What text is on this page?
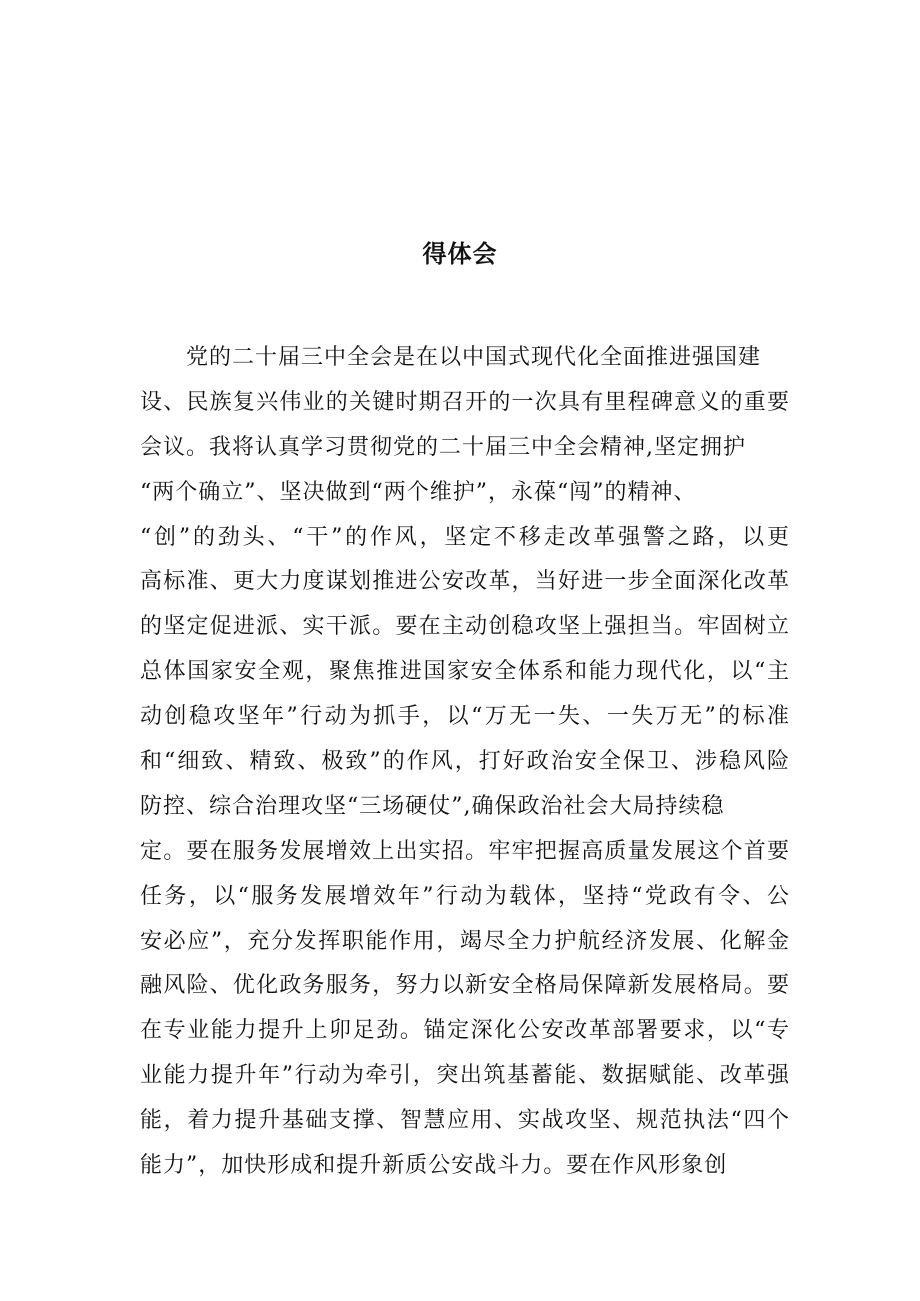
得体会
党的二十届三中全会是在以中国式现代化全面推进强国建
设、民族复兴伟业的关键时期召开的一次具有里程碑意义的重要
会议。我将认真学习贯彻党的二十届三中全会精神,坚定拥护
“两个确立”、坚决做到“两个维护”，永葆“闯”的精神、
“创”的劲头、“干”的作风，坚定不移走改革强警之路，以更
高标准、更大力度谋划推进公安改革，当好进一步全面深化改革
的坚定促进派、实干派。要在主动创稳攻坚上强担当。牢固树立
总体国家安全观，聚焦推进国家安全体系和能力现代化，以“主
动创稳攻坚年”行动为抓手，以“万无一失、一失万无”的标准
和“细致、精致、极致”的作风，打好政治安全保卫、涉稳风险
防控、综合治理攻坚“三场硬仗”,确保政治社会大局持续稳
定。要在服务发展增效上出实招。牢牢把握高质量发展这个首要
任务，以“服务发展增效年”行动为载体，坚持“党政有令、公
安必应”，充分发挥职能作用，竭尽全力护航经济发展、化解金
融风险、优化政务服务，努力以新安全格局保障新发展格局。要
在专业能力提升上卯足劲。锚定深化公安改革部署要求，以“专
业能力提升年”行动为牵引，突出筑基蓄能、数据赋能、改革强
能，着力提升基础支撑、智慧应用、实战攻坚、规范执法“四个
能力”，加快形成和提升新质公安战斗力。要在作风形象创
